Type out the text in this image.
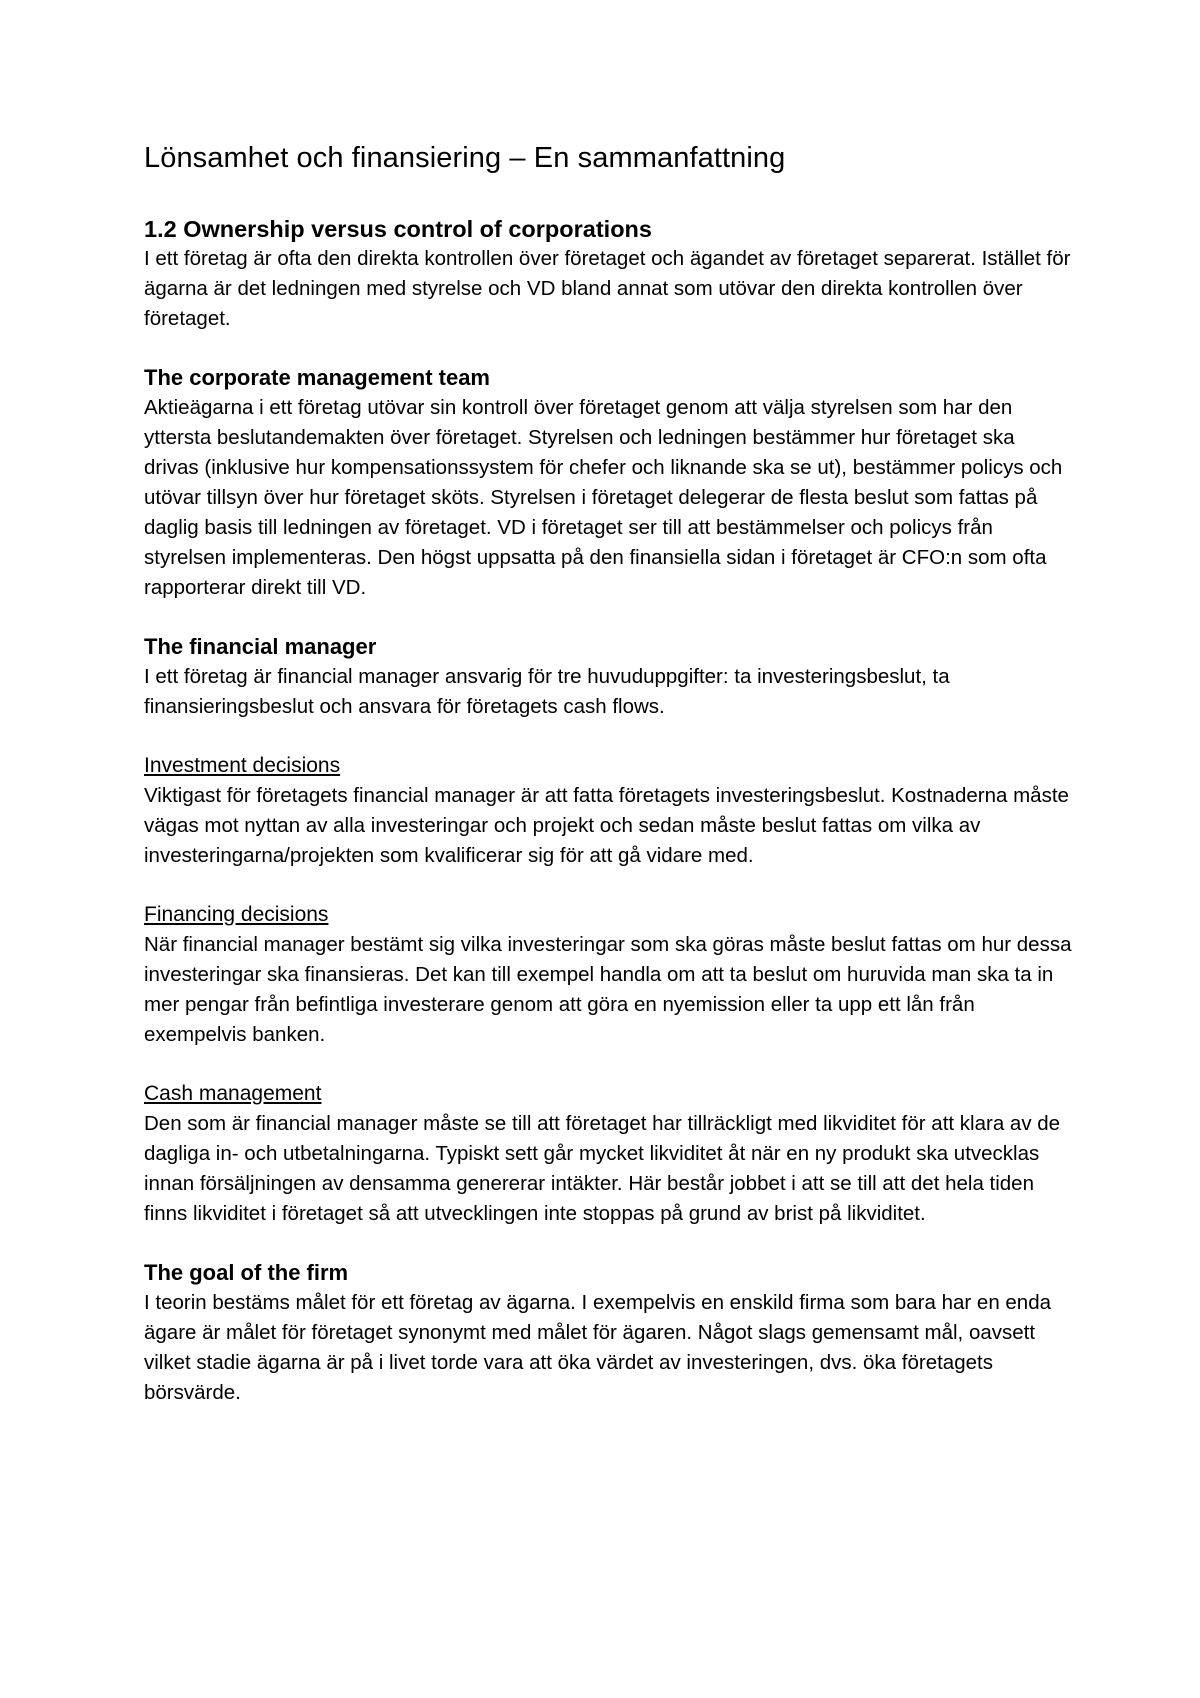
Lönsamhet och finansiering – En sammanfattning
1.2 Ownership versus control of corporations

I ett företag är ofta den direkta kontrollen över företaget och ägandet av företaget separerat. Istället för ägarna är det ledningen med styrelse och VD bland annat som utövar den direkta kontrollen över företaget.

The corporate management team

Aktieägarna i ett företag utövar sin kontroll över företaget genom att välja styrelsen som har den yttersta beslutandemakten över företaget. Styrelsen och ledningen bestämmer hur företaget ska drivas (inklusive hur kompensationssystem för chefer och liknande ska se ut), bestämmer policys och utövar tillsyn över hur företaget sköts. Styrelsen i företaget delegerar de flesta beslut som fattas på daglig basis till ledningen av företaget. VD i företaget ser till att bestämmelser och policys från styrelsen implementeras. Den högst uppsatta på den finansiella sidan i företaget är CFO:n som ofta rapporterar direkt till VD.

The financial manager

I ett företag är financial manager ansvarig för tre huvuduppgifter: ta investeringsbeslut, ta finansieringsbeslut och ansvara för företagets cash flows.

Investment decisions

Viktigast för företagets financial manager är att fatta företagets investeringsbeslut. Kostnaderna måste vägas mot nyttan av alla investeringar och projekt och sedan måste beslut fattas om vilka av investeringarna/projekten som kvalificerar sig för att gå vidare med.

Financing decisions

När financial manager bestämt sig vilka investeringar som ska göras måste beslut fattas om hur dessa investeringar ska finansieras. Det kan till exempel handla om att ta beslut om huruvida man ska ta in mer pengar från befintliga investerare genom att göra en nyemission eller ta upp ett lån från exempelvis banken.

Cash management

Den som är financial manager måste se till att företaget har tillräckligt med likviditet för att klara av de dagliga in- och utbetalningarna. Typiskt sett går mycket likviditet åt när en ny produkt ska utvecklas innan försäljningen av densamma genererar intäkter. Här består jobbet i att se till att det hela tiden finns likviditet i företaget så att utvecklingen inte stoppas på grund av brist på likviditet.

The goal of the firm

I teorin bestäms målet för ett företag av ägarna. I exempelvis en enskild firma som bara har en enda ägare är målet för företaget synonymt med målet för ägaren. Något slags gemensamt mål, oavsett vilket stadie ägarna är på i livet torde vara att öka värdet av investeringen, dvs. öka företagets börsvärde.
